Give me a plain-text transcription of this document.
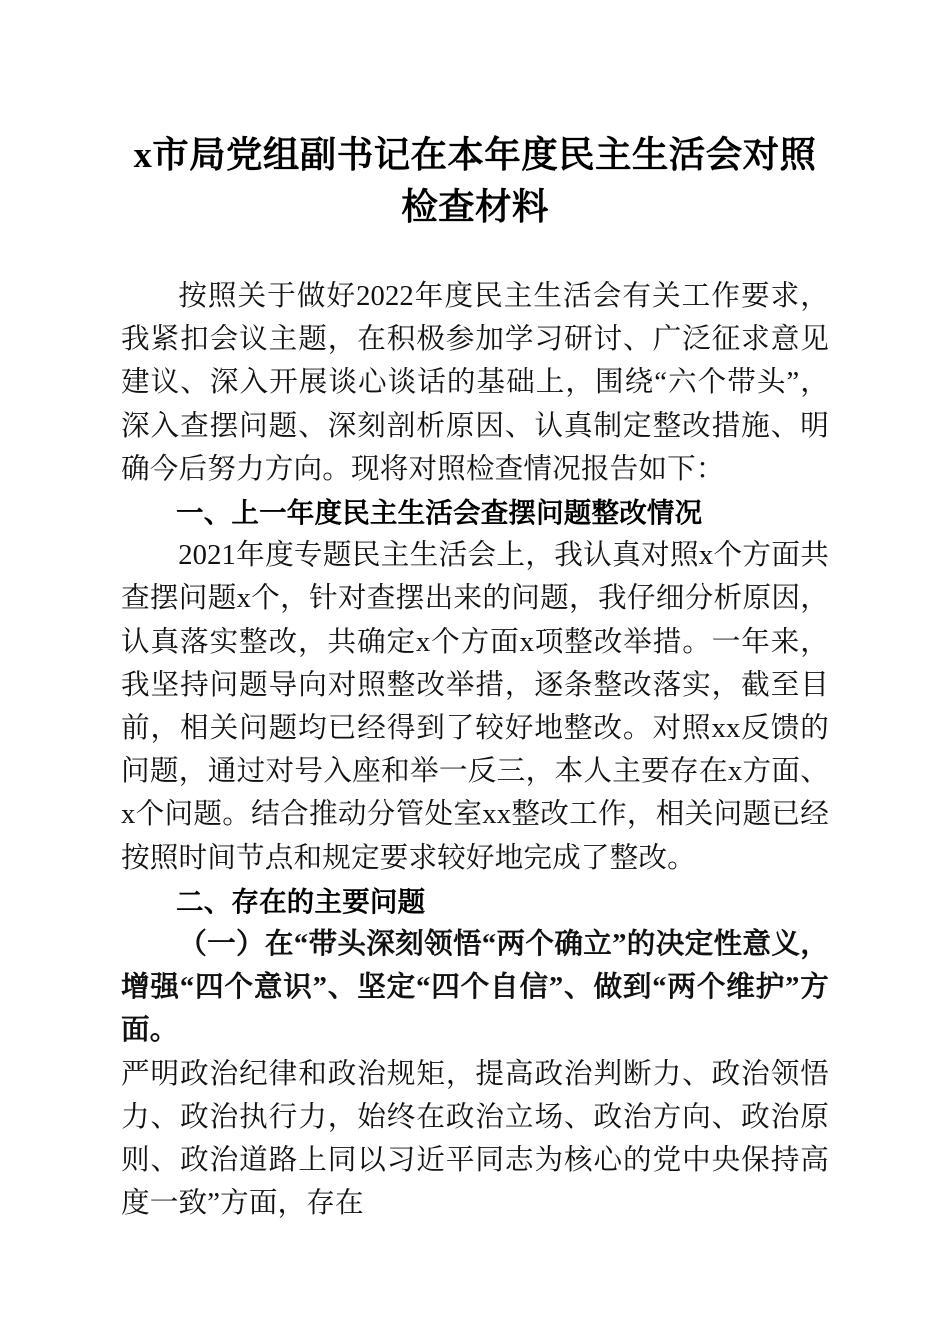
x市局党组副书记在本年度民主生活会对照检查材料

按照关于做好2022年度民主生活会有关工作要求，我紧扣会议主题，在积极参加学习研讨、广泛征求意见建议、深入开展谈心谈话的基础上，围绕“六个带头”，深入查摆问题、深刻剖析原因、认真制定整改措施、明确今后努力方向。现将对照检查情况报告如下：

一、上一年度民主生活会查摆问题整改情况

2021年度专题民主生活会上，我认真对照x个方面共查摆问题x个，针对查摆出来的问题，我仔细分析原因，认真落实整改，共确定x个方面x项整改举措。一年来，我坚持问题导向对照整改举措，逐条整改落实，截至目前，相关问题均已经得到了较好地整改。对照xx反馈的问题，通过对号入座和举一反三，本人主要存在x方面、x个问题。结合推动分管处室xx整改工作，相关问题已经按照时间节点和规定要求较好地完成了整改。

二、存在的主要问题

（一）在“带头深刻领悟“两个确立”的决定性意义，增强“四个意识”、坚定“四个自信”、做到“两个维护”方面。

严明政治纪律和政治规矩，提高政治判断力、政治领悟力、政治执行力，始终在政治立场、政治方向、政治原则、政治道路上同以习近平同志为核心的党中央保持高度一致”方面，存在
